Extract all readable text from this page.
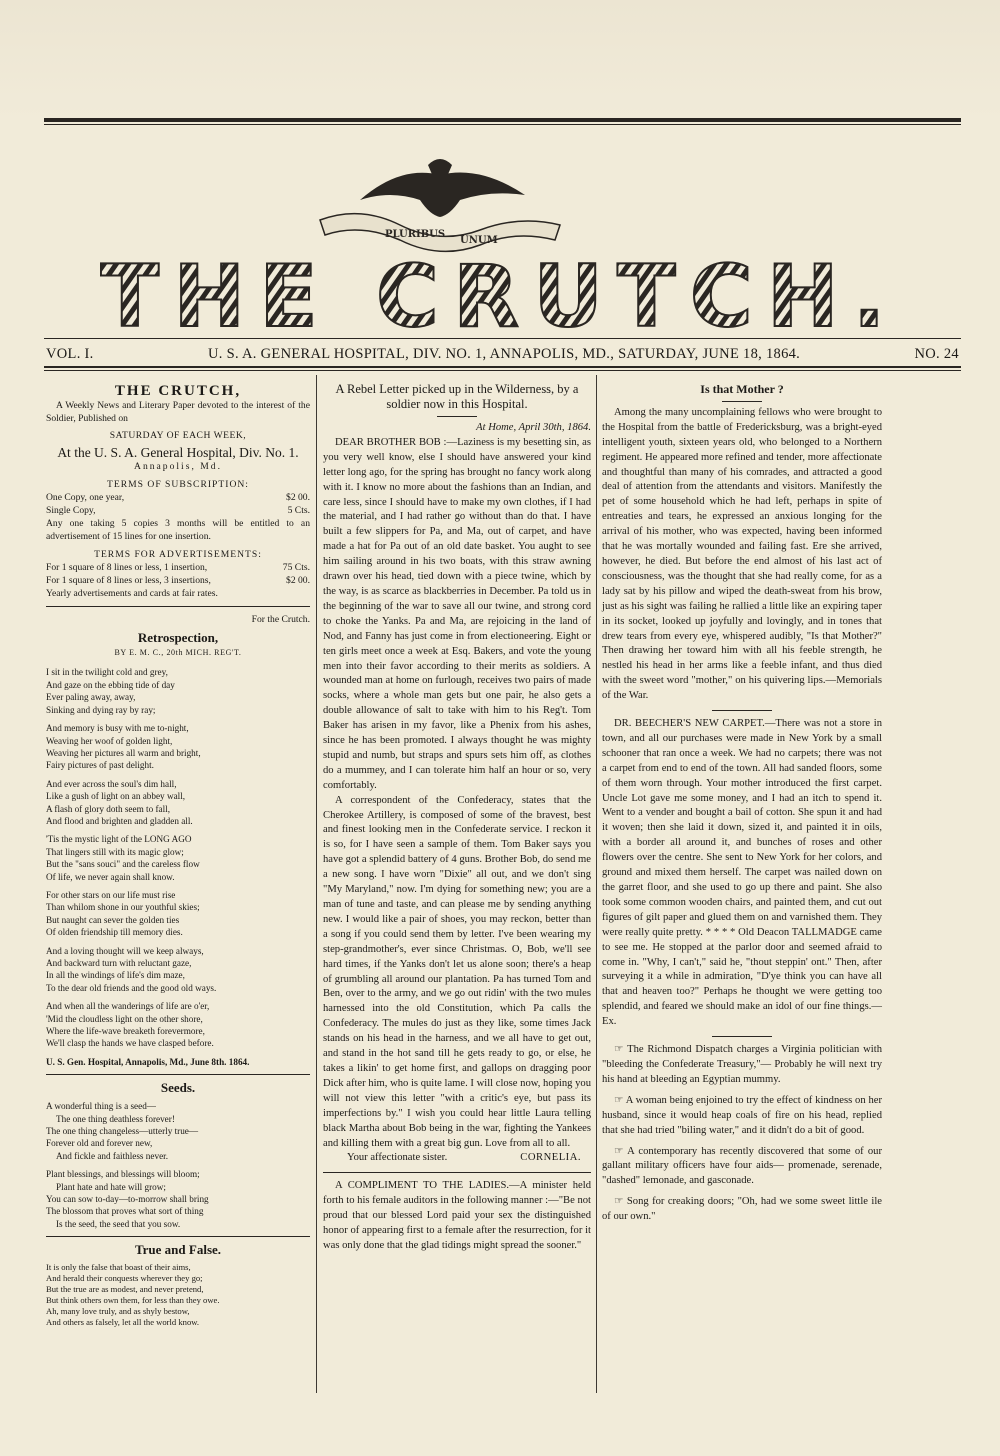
PLURIBUS
UNUM
THE CRUTCH.
VOL. I.	U. S. A. GENERAL HOSPITAL, DIV. NO. 1, ANNAPOLIS, MD., SATURDAY, JUNE 18, 1864.	NO. 24
THE CRUTCH,
A Weekly News and Literary Paper devoted to the interest of the Soldier, Published on
SATURDAY OF EACH WEEK,
At the U. S. A. General Hospital, Div. No. 1.
Annapolis, Md.
TERMS OF SUBSCRIPTION:
One Copy, one year,	$2 00.
Single Copy,	5 Cts.
Any one taking 5 copies 3 months will be entitled to an advertisement of 15 lines for one insertion.
TERMS FOR ADVERTISEMENTS:
For 1 square of 8 lines or less, 1 insertion,	75 Cts.
For 1 square of 8 lines or less, 3 insertions,	$2 00.
Yearly advertisements and cards at fair rates.
For the Crutch.
Retrospection,
BY E. M. C., 20th MICH. REG'T.

I sit in the twilight cold and grey,
And gaze on the ebbing tide of day
Ever paling away, away,
Sinking and dying ray by ray;

And memory is busy with me to-night,
Weaving her woof of golden light,
Weaving her pictures all warm and bright,
Fairy pictures of past delight.

And ever across the soul's dim hall,
Like a gush of light on an abbey wall,
A flash of glory doth seem to fall,
And flood and brighten and gladden all.

'Tis the mystic light of the LONG AGO
That lingers still with its magic glow;
But the "sans souci" and the careless flow
Of life, we never again shall know.

For other stars on our life must rise
Than whilom shone in our youthful skies;
But naught can sever the golden ties
Of olden friendship till memory dies.

And a loving thought will we keep always,
And backward turn with reluctant gaze,
In all the windings of life's dim maze,
To the dear old friends and the good old ways.

And when all the wanderings of life are o'er,
'Mid the cloudless light on the other shore,
Where the life-wave breaketh forevermore,
We'll clasp the hands we have clasped before.

U. S. Gen. Hospital, Annapolis, Md., June 8th. 1864.
Seeds.

A wonderful thing is a seed—
The one thing deathless forever!
The one thing changeless—utterly true—
Forever old and forever new,
And fickle and faithless never.

Plant blessings, and blessings will bloom;
Plant hate and hate will grow;
You can sow to-day—to-morrow shall bring
The blossom that proves what sort of thing
Is the seed, the seed that you sow.

True and False.
It is only the false that boast of their aims,
And herald their conquests wherever they go;
But the true are as modest, and never pretend,
But think others own them, for less than they owe.
Ah, many love truly, and as shyly bestow,
And others as falsely, let all the world know.
A Rebel Letter picked up in the Wilderness, by a soldier now in this Hospital.
At Home, April 30th, 1864.

DEAR BROTHER BOB :—Laziness is my besetting sin, as you very well know, else I should have answered your kind letter long ago, for the spring has brought no fancy work along with it. I know no more about the fashions than an Indian, and care less, since I should have to make my own clothes, if I had the material, and I had rather go without than do that. I have built a few slippers for Pa, and Ma, out of carpet, and have made a hat for Pa out of an old date basket. You aught to see him sailing around in his two boats, with this straw awning drawn over his head, tied down with a piece twine, which by the way, is as scarce as blackberries in December. Pa told us in the beginning of the war to save all our twine, and strong cord to choke the Yanks. Pa and Ma, are rejoicing in the land of Nod, and Fanny has just come in from electioneering. Eight or ten girls meet once a week at Esq. Bakers, and vote the young men into their favor according to their merits as soldiers. A wounded man at home on furlough, receives two pairs of made socks, where a whole man gets but one pair, he also gets a double allowance of salt to take with him to his Reg't. Tom Baker has arisen in my favor, like a Phenix from his ashes, since he has been promoted. I always thought he was mighty stupid and numb, but straps and spurs sets him off, as clothes do a mummey, and I can tolerate him half an hour or so, very comfortably.

A correspondent of the Confederacy, states that the Cherokee Artillery, is composed of some of the bravest, best and finest looking men in the Confederate service. I reckon it is so, for I have seen a sample of them. Tom Baker says you have got a splendid battery of 4 guns. Brother Bob, do send me a new song. I have worn "Dixie" all out, and we don't sing "My Maryland," now. I'm dying for something new; you are a man of tune and taste, and can please me by sending anything new. I would like a pair of shoes, you may reckon, better than a song if you could send them by letter. I've been wearing my step-grandmother's, ever since Christmas. O, Bob, we'll see hard times, if the Yanks don't let us alone soon; there's a heap of grumbling all around our plantation. Pa has turned Tom and Ben, over to the army, and we go out ridin' with the two mules harnessed into the old Constitution, which Pa calls the Confederacy. The mules do just as they like, some times Jack stands on his head in the harness, and we all have to get out, and stand in the hot sand till he gets ready to go, or else, he takes a likin' to get home first, and gallops on dragging poor Dick after him, who is quite lame. I will close now, hoping you will not view this letter "with a critic's eye, but pass its imperfections by." I wish you could hear little Laura telling black Martha about Bob being in the war, fighting the Yankees and killing them with a great big gun. Love from all to all.

Your affectionate sister.	CORNELIA.

A COMPLIMENT TO THE LADIES.—A minister held forth to his female auditors in the following manner :—"Be not proud that our blessed Lord paid your sex the distinguished honor of appearing first to a female after the resurrection, for it was only done that the glad tidings might spread the sooner."

Is that Mother ?

Among the many uncomplaining fellows who were brought to the Hospital from the battle of Fredericksburg, was a bright-eyed intelligent youth, sixteen years old, who belonged to a Northern regiment. He appeared more refined and tender, more affectionate and thoughtful than many of his comrades, and attracted a good deal of attention from the attendants and visitors. Manifestly the pet of some household which he had left, perhaps in spite of entreaties and tears, he expressed an anxious longing for the arrival of his mother, who was expected, having been informed that he was mortally wounded and failing fast. Ere she arrived, however, he died. But before the end almost of his last act of consciousness, was the thought that she had really come, for as a lady sat by his pillow and wiped the death-sweat from his brow, just as his sight was failing he rallied a little like an expiring taper in its socket, looked up joyfully and lovingly, and in tones that drew tears from every eye, whispered audibly, "Is that Mother?" Then drawing her toward him with all his feeble strength, he nestled his head in her arms like a feeble infant, and thus died with the sweet word "mother," on his quivering lips.—Memorials of the War.

DR. BEECHER'S NEW CARPET.—There was not a store in town, and all our purchases were made in New York by a small schooner that ran once a week. We had no carpets; there was not a carpet from end to end of the town. All had sanded floors, some of them worn through. Your mother introduced the first carpet. Uncle Lot gave me some money, and I had an itch to spend it. Went to a vender and bought a bail of cotton. She spun it and had it woven; then she laid it down, sized it, and painted it in oils, with a border all around it, and bunches of roses and other flowers over the centre. She sent to New York for her colors, and ground and mixed them herself. The carpet was nailed down on the garret floor, and she used to go up there and paint. She also took some common wooden chairs, and painted them, and cut out figures of gilt paper and glued them on and varnished them. They were really quite pretty. * * * * Old Deacon TALLMADGE came to see me. He stopped at the parlor door and seemed afraid to come in. "Why, I can't," said he, "thout steppin' ont." Then, after surveying it a while in admiration, "D'ye think you can have all that and heaven too?" Perhaps he thought we were getting too splendid, and feared we should make an idol of our fine things.—Ex.

☞ The Richmond Dispatch charges a Virginia politician with "bleeding the Confederate Treasury,"— Probably he will next try his hand at bleeding an Egyptian mummy.

☞ A woman being enjoined to try the effect of kindness on her husband, since it would heap coals of fire on his head, replied that she had tried "biling water," and it didn't do a bit of good.

☞ A contemporary has recently discovered that some of our gallant military officers have four aids— promenade, serenade, "dashed" lemonade, and gasconade.

☞ Song for creaking doors; "Oh, had we some sweet little ile of our own."
